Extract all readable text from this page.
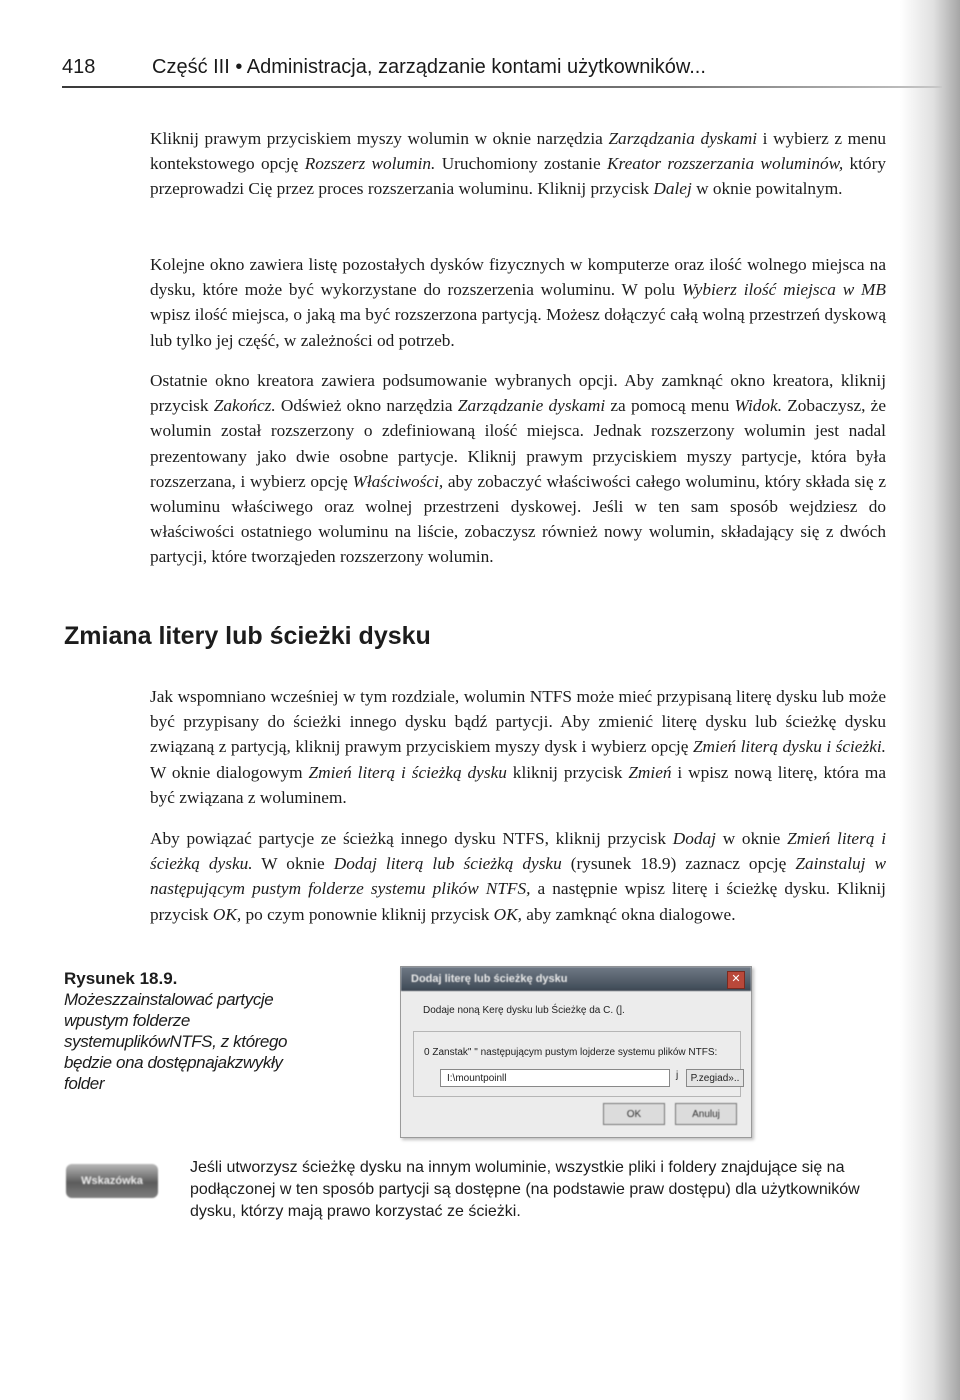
418	Część III • Administracja, zarządzanie kontami użytkowników...

Kliknij prawym przyciskiem myszy wolumin w oknie narzędzia Zarządzania dyskami i wybierz z menu kontekstowego opcję Rozszerz wolumin. Uruchomiony zostanie Kreator rozszerzania woluminów, który przeprowadzi Cię przez proces rozszerzania woluminu. Kliknij przycisk Dalej w oknie powitalnym.

Kolejne okno zawiera listę pozostałych dysków fizycznych w komputerze oraz ilość wolnego miejsca na dysku, które może być wykorzystane do rozszerzenia woluminu. W polu Wybierz ilość miejsca w MB wpisz ilość miejsca, o jaką ma być rozszerzona partycją. Możesz dołączyć całą wolną przestrzeń dyskową lub tylko jej część, w zależności od potrzeb.

Ostatnie okno kreatora zawiera podsumowanie wybranych opcji. Aby zamknąć okno kreatora, kliknij przycisk Zakończ. Odśwież okno narzędzia Zarządzanie dyskami za pomocą menu Widok. Zobaczysz, że wolumin został rozszerzony o zdefiniowaną ilość miejsca. Jednak rozszerzony wolumin jest nadal prezentowany jako dwie osobne partycje. Kliknij prawym przyciskiem myszy partycje, która była rozszerzana, i wybierz opcję Właściwości, aby zobaczyć właściwości całego woluminu, który składa się z woluminu właściwego oraz wolnej przestrzeni dyskowej. Jeśli w ten sam sposób wejdziesz do właściwości ostatniego woluminu na liście, zobaczysz również nowy wolumin, składający się z dwóch partycji, które tworząjeden rozszerzony wolumin.

Zmiana litery lub ścieżki dysku

Jak wspomniano wcześniej w tym rozdziale, wolumin NTFS może mieć przypisaną literę dysku lub może być przypisany do ścieżki innego dysku bądź partycji. Aby zmienić literę dysku lub ścieżkę dysku związaną z partycją, kliknij prawym przyciskiem myszy dysk i wybierz opcję Zmień literą dysku i ścieżki. W oknie dialogowym Zmień literą i ścieżką dysku kliknij przycisk Zmień i wpisz nową literę, która ma być związana z woluminem.

Aby powiązać partycje ze ścieżką innego dysku NTFS, kliknij przycisk Dodaj w oknie Zmień literą i ścieżką dysku. W oknie Dodaj literą lub ścieżką dysku (rysunek 18.9) zaznacz opcję Zainstaluj w następującym pustym folderze systemu plików NTFS, a następnie wpisz literę i ścieżkę dysku. Kliknij przycisk OK, po czym ponownie kliknij przycisk OK, aby zamknąć okna dialogowe.

Rysunek 18.9.
Możeszzainstalować partycje wpustym folderze systemuplikówNTFS, z którego będzie ona dostępnajakzwykły folder
Dodaj literę lub ścieżkę dysku	✕
Dodaje noną Kerę dysku lub Ścieżkę da C. (].
0 Zanstak" " następującym pustym lojderze systemu plików NTFS:
I:\mountpoinll	j	P.zegiad»..
OK	Anuluj
Wskazówka

Jeśli utworzysz ścieżkę dysku na innym woluminie, wszystkie pliki i foldery znajdujące się na podłączonej w ten sposób partycji są dostępne (na podstawie praw dostępu) dla użytkowników dysku, którzy mają prawo korzystać ze ścieżki.
